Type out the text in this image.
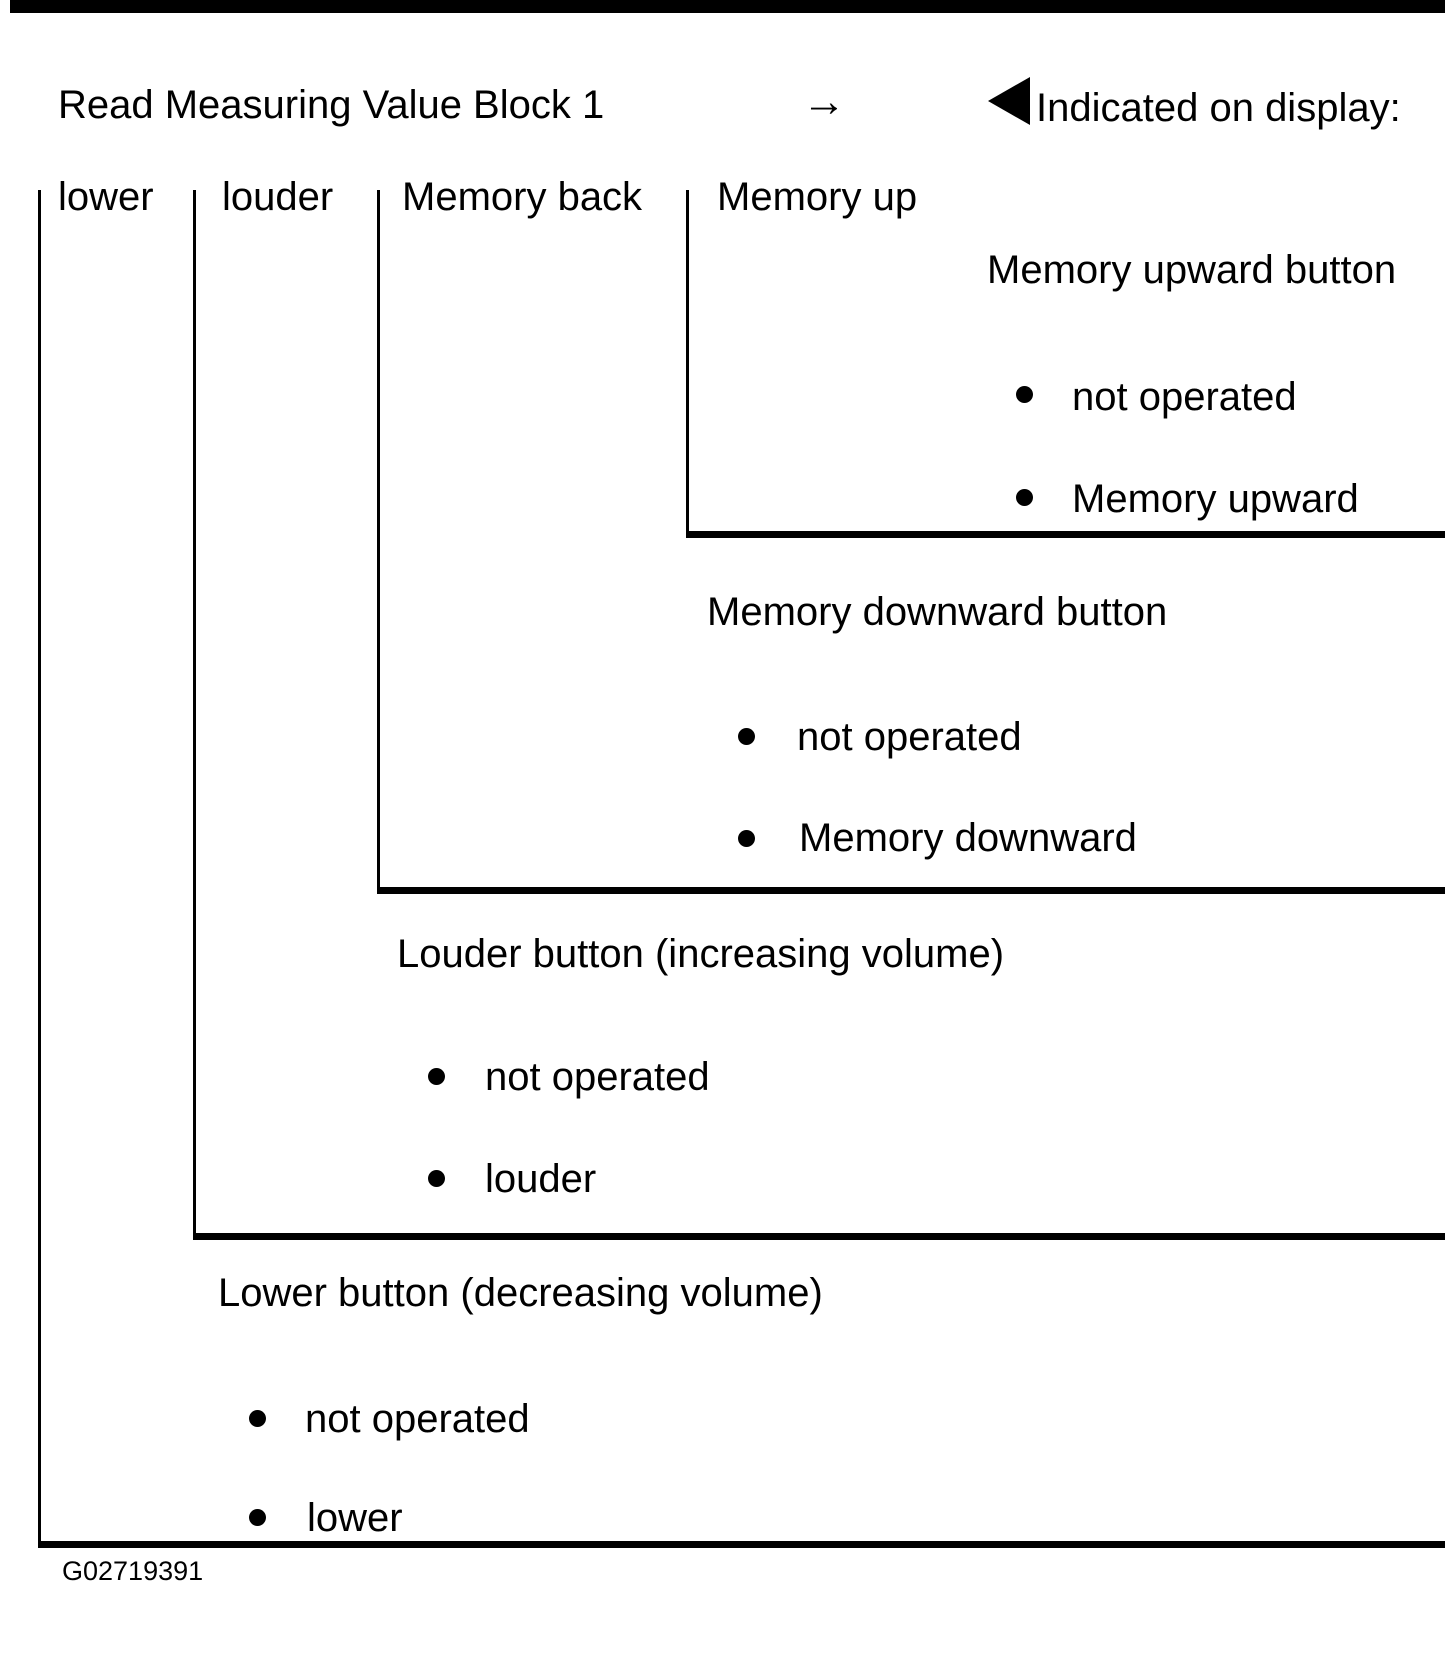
Read Measuring Value Block 1	→	Indicated on display:
lower louder Memory back Memory up
Memory upward button
not operated
Memory upward
Memory downward button
not operated
Memory downward
Louder button (increasing volume)
not operated
louder
Lower button (decreasing volume)
not operated
lower
G02719391
